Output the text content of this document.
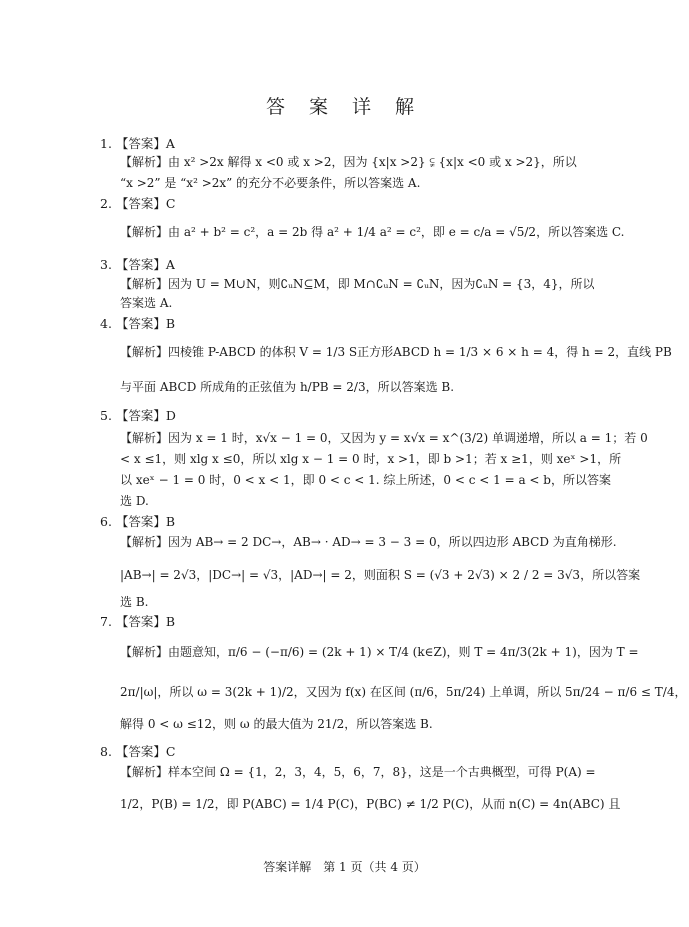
答 案 详 解
1. 【答案】A
【解析】由 x² >2x 解得 x <0 或 x >2，因为 {x|x >2} ⫋ {x|x <0 或 x >2}，所以
“x >2” 是 “x² >2x” 的充分不必要条件，所以答案选 A.
2. 【答案】C
【解析】由 a² + b² = c²，a = 2b 得 a² + 1/4 a² = c²，即 e = c/a = √5/2，所以答案选 C.
3. 【答案】A
【解析】因为 U = M∪N，则∁ᵤN⊆M，即 M∩∁ᵤN = ∁ᵤN，因为∁ᵤN = {3，4}，所以
答案选 A.
4. 【答案】B
【解析】四棱锥 P-ABCD 的体积 V = 1/3 S正方形ABCD h = 1/3 × 6 × h = 4，得 h = 2，直线 PB
与平面 ABCD 所成角的正弦值为 h/PB = 2/3，所以答案选 B.
5. 【答案】D
【解析】因为 x = 1 时，x√x − 1 = 0，又因为 y = x√x = x^(3/2) 单调递增，所以 a = 1；若 0
< x ≤1，则 xlg x ≤0，所以 xlg x − 1 = 0 时，x >1，即 b >1；若 x ≥1，则 xeˣ >1，所
以 xeˣ − 1 = 0 时，0 < x < 1，即 0 < c < 1. 综上所述，0 < c < 1 = a < b，所以答案
选 D.
6. 【答案】B
【解析】因为 AB→ = 2 DC→，AB→ · AD→ = 3 − 3 = 0，所以四边形 ABCD 为直角梯形.
|AB→| = 2√3，|DC→| = √3，|AD→| = 2，则面积 S = (√3 + 2√3) × 2 / 2 = 3√3，所以答案
选 B.
7. 【答案】B
【解析】由题意知，π/6 − (−π/6) = (2k + 1) × T/4 (k∈Z)，则 T = 4π/3(2k + 1)，因为 T =
2π/|ω|，所以 ω = 3(2k + 1)/2，又因为 f(x) 在区间 (π/6，5π/24) 上单调，所以 5π/24 − π/6 ≤ T/4，
解得 0 < ω ≤12，则 ω 的最大值为 21/2，所以答案选 B.
8. 【答案】C
【解析】样本空间 Ω = {1，2，3，4，5，6，7，8}，这是一个古典概型，可得 P(A) =
1/2，P(B) = 1/2，即 P(ABC) = 1/4 P(C)，P(BC) ≠ 1/2 P(C)，从而 n(C) = 4n(ABC) 且
答案详解　第 1 页（共 4 页）
